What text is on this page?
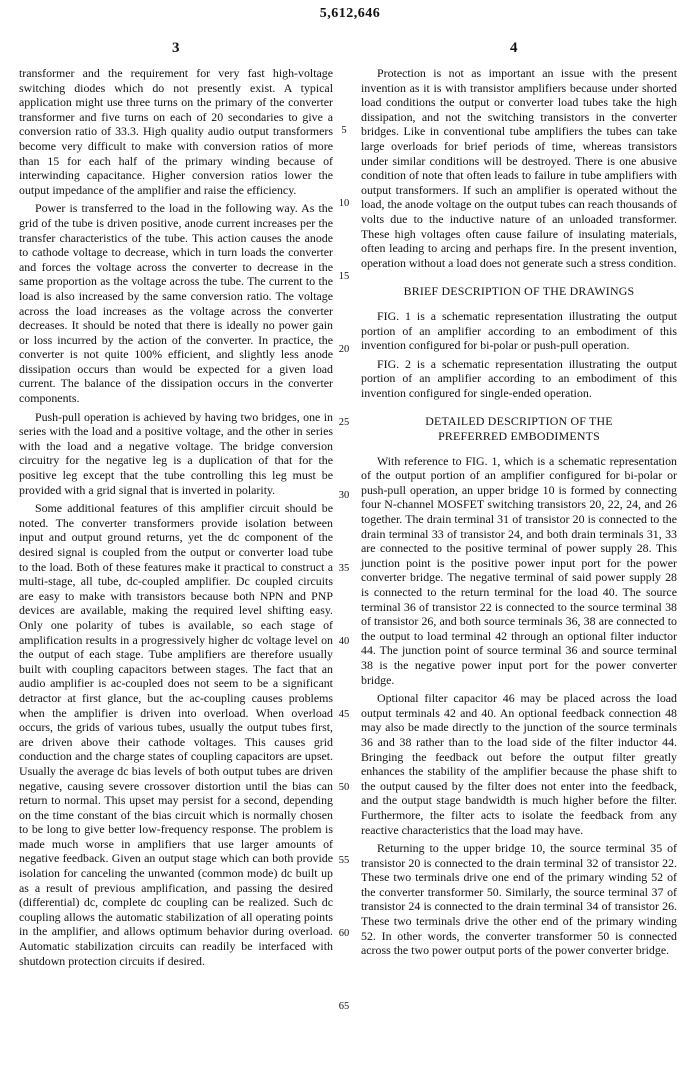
5,612,646
3	4

transformer and the requirement for very fast high-voltage switching diodes which do not presently exist. A typical application might use three turns on the primary of the converter transformer and five turns on each of 20 secondaries to give a conversion ratio of 33.3. High quality audio output transformers become very difficult to make with conversion ratios of more than 15 for each half of the primary winding because of interwinding capacitance. Higher conversion ratios lower the output impedance of the amplifier and raise the efficiency.

Power is transferred to the load in the following way. As the grid of the tube is driven positive, anode current increases per the transfer characteristics of the tube. This action causes the anode to cathode voltage to decrease, which in turn loads the converter and forces the voltage across the converter to decrease in the same proportion as the voltage across the tube. The current to the load is also increased by the same conversion ratio. The voltage across the load increases as the voltage across the converter decreases. It should be noted that there is ideally no power gain or loss incurred by the action of the converter. In practice, the converter is not quite 100% efficient, and slightly less anode dissipation occurs than would be expected for a given load current. The balance of the dissipation occurs in the converter components.

Push-pull operation is achieved by having two bridges, one in series with the load and a positive voltage, and the other in series with the load and a negative voltage. The bridge conversion circuitry for the negative leg is a duplication of that for the positive leg except that the tube controlling this leg must be provided with a grid signal that is inverted in polarity.

Some additional features of this amplifier circuit should be noted. The converter transformers provide isolation between input and output ground returns, yet the dc component of the desired signal is coupled from the output or converter load tube to the load. Both of these features make it practical to construct a multi-stage, all tube, dc-coupled amplifier. Dc coupled circuits are easy to make with transistors because both NPN and PNP devices are available, making the required level shifting easy. Only one polarity of tubes is available, so each stage of amplification results in a progressively higher dc voltage level on the output of each stage. Tube amplifiers are therefore usually built with coupling capacitors between stages. The fact that an audio amplifier is ac-coupled does not seem to be a significant detractor at first glance, but the ac-coupling causes problems when the amplifier is driven into overload. When overload occurs, the grids of various tubes, usually the output tubes first, are driven above their cathode voltages. This causes grid conduction and the charge states of coupling capacitors are upset. Usually the average dc bias levels of both output tubes are driven negative, causing severe crossover distortion until the bias can return to normal. This upset may persist for a second, depending on the time constant of the bias circuit which is normally chosen to be long to give better low-frequency response. The problem is made much worse in amplifiers that use larger amounts of negative feedback. Given an output stage which can both provide isolation for canceling the unwanted (common mode) dc built up as a result of previous amplification, and passing the desired (differential) dc, complete dc coupling can be realized. Such dc coupling allows the automatic stabilization of all operating points in the amplifier, and allows optimum behavior during overload. Automatic stabilization circuits can readily be interfaced with shutdown protection circuits if desired.

Protection is not as important an issue with the present invention as it is with transistor amplifiers because under shorted load conditions the output or converter load tubes take the high dissipation, and not the switching transistors in the converter bridges. Like in conventional tube amplifiers the tubes can take large overloads for brief periods of time, whereas transistors under similar conditions will be destroyed. There is one abusive condition of note that often leads to failure in tube amplifiers with output transformers. If such an amplifier is operated without the load, the anode voltage on the output tubes can reach thousands of volts due to the inductive nature of an unloaded transformer. These high voltages often cause failure of insulating materials, often leading to arcing and perhaps fire. In the present invention, operation without a load does not generate such a stress condition.

BRIEF DESCRIPTION OF THE DRAWINGS

FIG. 1 is a schematic representation illustrating the output portion of an amplifier according to an embodiment of this invention configured for bi-polar or push-pull operation.

FIG. 2 is a schematic representation illustrating the output portion of an amplifier according to an embodiment of this invention configured for single-ended operation.

DETAILED DESCRIPTION OF THE
PREFERRED EMBODIMENTS

With reference to FIG. 1, which is a schematic representation of the output portion of an amplifier configured for bi-polar or push-pull operation, an upper bridge 10 is formed by connecting four N-channel MOSFET switching transistors 20, 22, 24, and 26 together. The drain terminal 31 of transistor 20 is connected to the drain terminal 33 of transistor 24, and both drain terminals 31, 33 are connected to the positive terminal of power supply 28. This junction point is the positive power input port for the power converter bridge. The negative terminal of said power supply 28 is connected to the return terminal for the load 40. The source terminal 36 of transistor 22 is connected to the source terminal 38 of transistor 26, and both source terminals 36, 38 are connected to the output to load terminal 42 through an optional filter inductor 44. The junction point of source terminal 36 and source terminal 38 is the negative power input port for the power converter bridge.

Optional filter capacitor 46 may be placed across the load output terminals 42 and 40. An optional feedback connection 48 may also be made directly to the junction of the source terminals 36 and 38 rather than to the load side of the filter inductor 44. Bringing the feedback out before the output filter greatly enhances the stability of the amplifier because the phase shift to the output caused by the filter does not enter into the feedback, and the output stage bandwidth is much higher before the filter. Furthermore, the filter acts to isolate the feedback from any reactive characteristics that the load may have.

Returning to the upper bridge 10, the source terminal 35 of transistor 20 is connected to the drain terminal 32 of transistor 22. These two terminals drive one end of the primary winding 52 of the converter transformer 50. Similarly, the source terminal 37 of transistor 24 is connected to the drain terminal 34 of transistor 26. These two terminals drive the other end of the primary winding 52. In other words, the converter transformer 50 is connected across the two power output ports of the power converter bridge.

5
10
15
20
25
30
35
40
45
50
55
60
65
